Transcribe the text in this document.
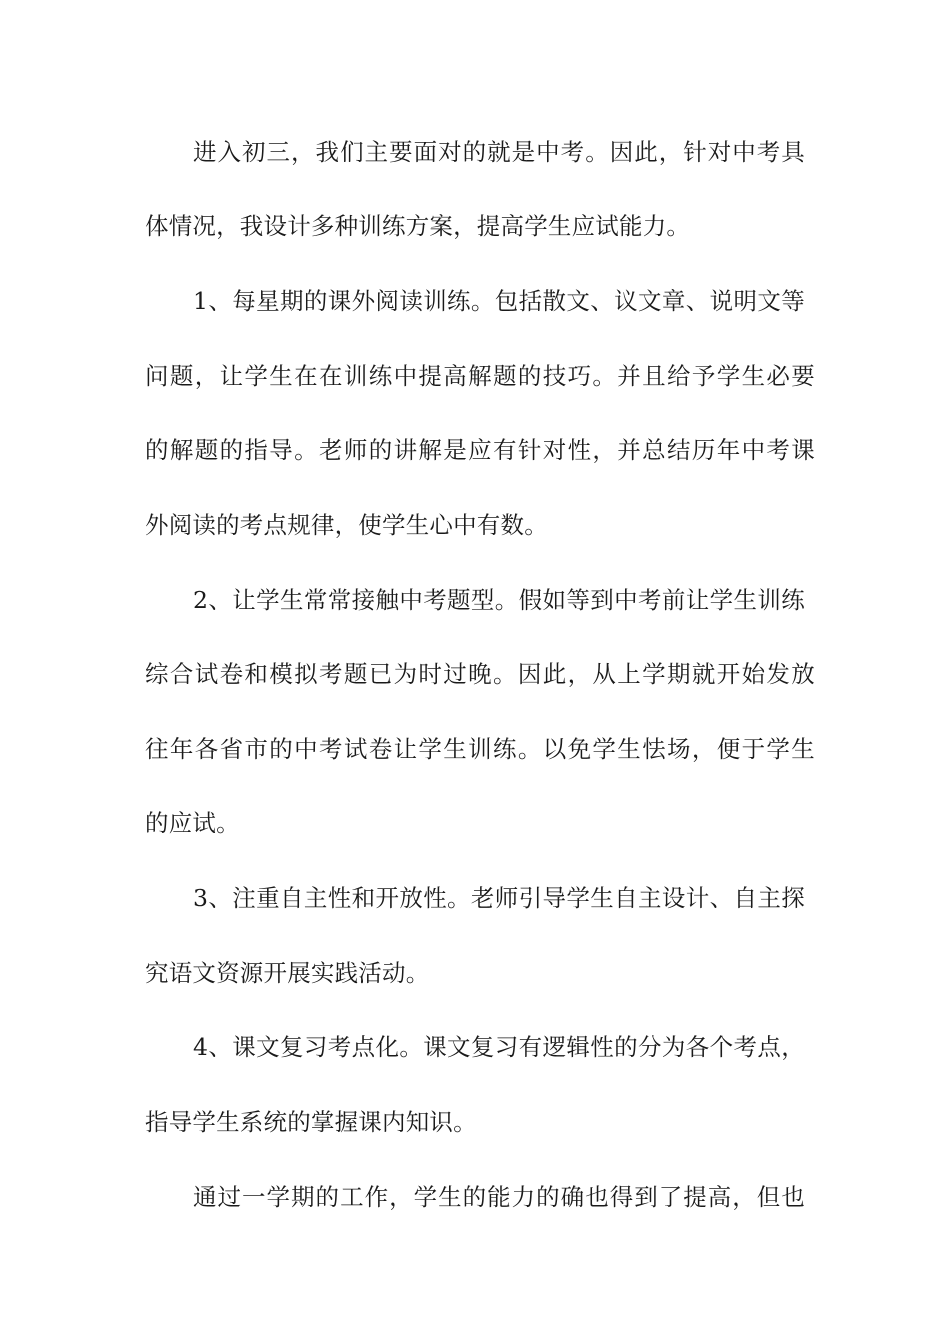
进入初三，我们主要面对的就是中考。因此，针对中考具
体情况，我设计多种训练方案，提高学生应试能力。
1、每星期的课外阅读训练。包括散文、议文章、说明文等
问题，让学生在在训练中提高解题的技巧。并且给予学生必要
的解题的指导。老师的讲解是应有针对性，并总结历年中考课
外阅读的考点规律，使学生心中有数。
2、让学生常常接触中考题型。假如等到中考前让学生训练
综合试卷和模拟考题已为时过晚。因此，从上学期就开始发放
往年各省市的中考试卷让学生训练。以免学生怯场，便于学生
的应试。
3、注重自主性和开放性。老师引导学生自主设计、自主探
究语文资源开展实践活动。
4、课文复习考点化。课文复习有逻辑性的分为各个考点，
指导学生系统的掌握课内知识。
通过一学期的工作，学生的能力的确也得到了提高，但也
